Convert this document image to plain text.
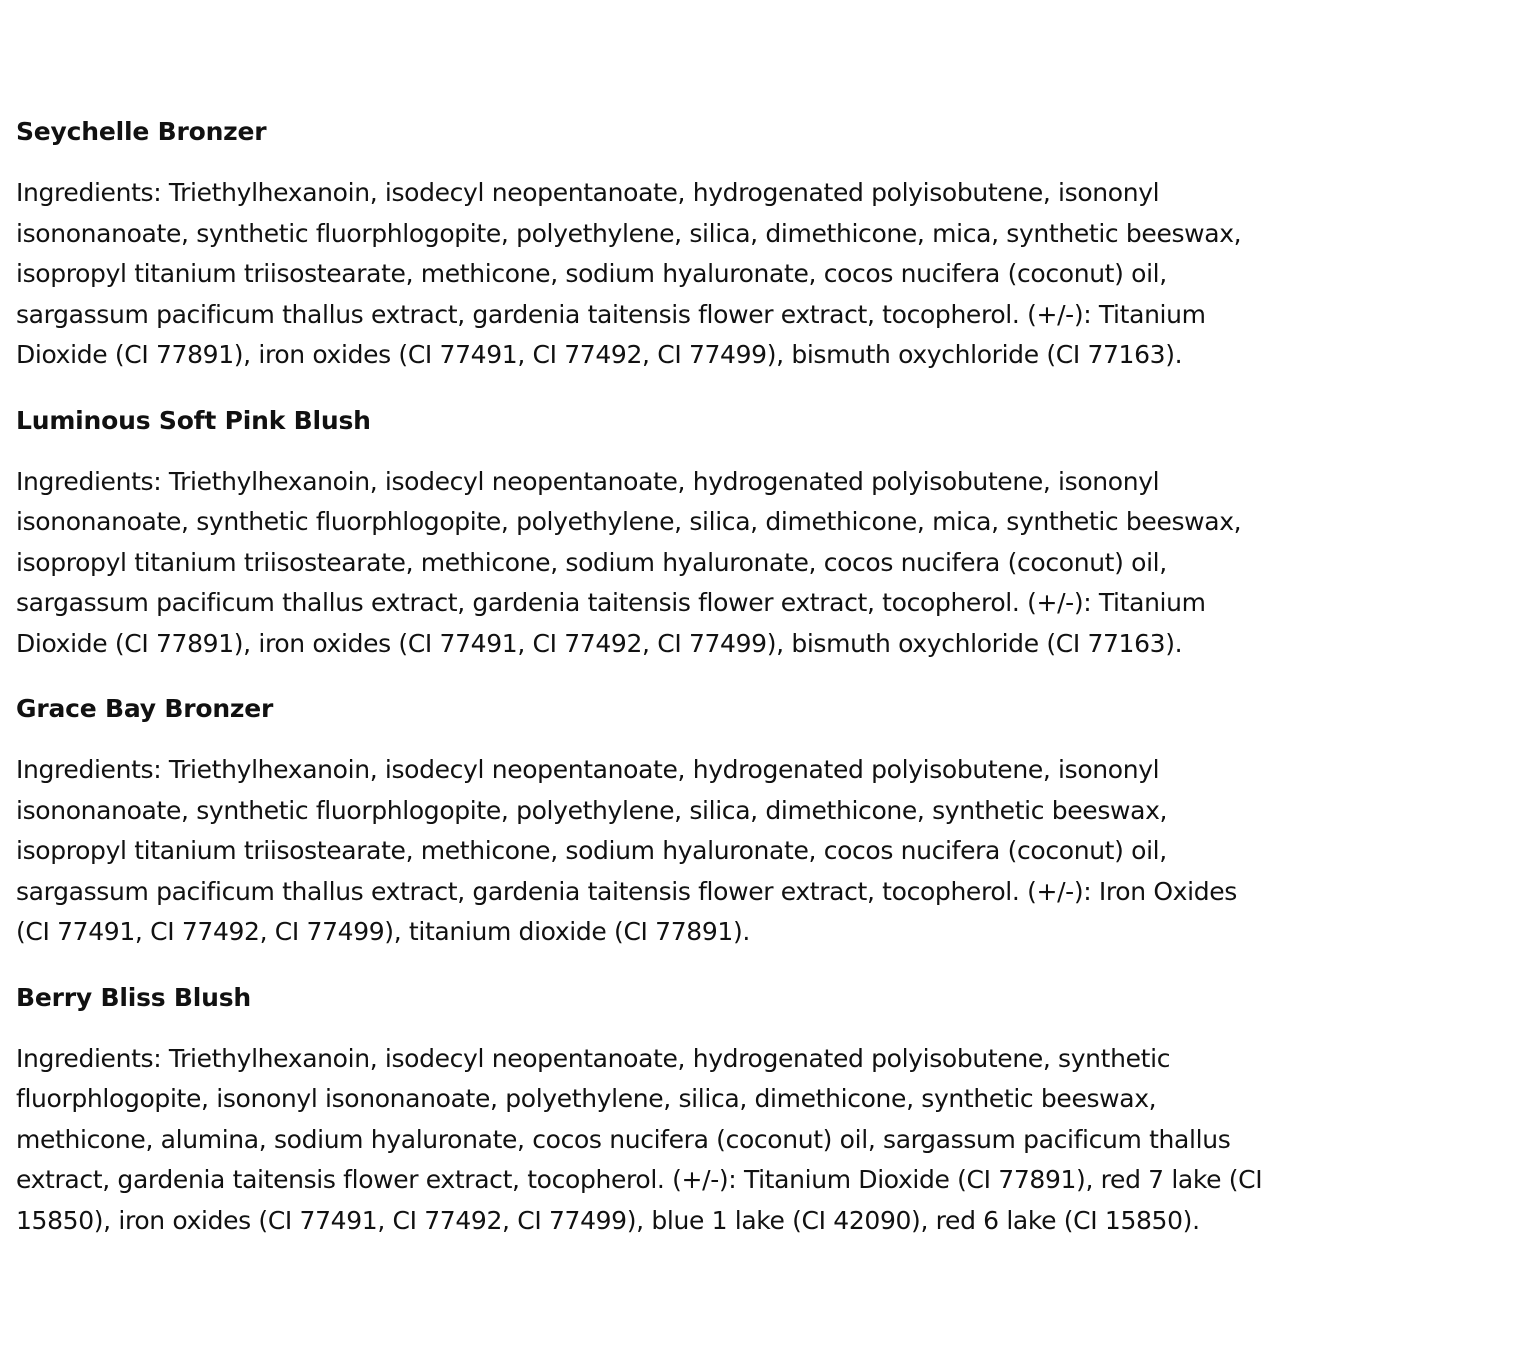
Seychelle Bronzer
Ingredients: Triethylhexanoin, isodecyl neopentanoate, hydrogenated polyisobutene, isononyl
isononanoate, synthetic fluorphlogopite, polyethylene, silica, dimethicone, mica, synthetic beeswax,
isopropyl titanium triisostearate, methicone, sodium hyaluronate, cocos nucifera (coconut) oil,
sargassum pacificum thallus extract, gardenia taitensis flower extract, tocopherol. (+/-): Titanium
Dioxide (CI 77891), iron oxides (CI 77491, CI 77492, CI 77499), bismuth oxychloride (CI 77163).
Luminous Soft Pink Blush
Ingredients: Triethylhexanoin, isodecyl neopentanoate, hydrogenated polyisobutene, isononyl
isononanoate, synthetic fluorphlogopite, polyethylene, silica, dimethicone, mica, synthetic beeswax,
isopropyl titanium triisostearate, methicone, sodium hyaluronate, cocos nucifera (coconut) oil,
sargassum pacificum thallus extract, gardenia taitensis flower extract, tocopherol. (+/-): Titanium
Dioxide (CI 77891), iron oxides (CI 77491, CI 77492, CI 77499), bismuth oxychloride (CI 77163).
Grace Bay Bronzer
Ingredients: Triethylhexanoin, isodecyl neopentanoate, hydrogenated polyisobutene, isononyl
isononanoate, synthetic fluorphlogopite, polyethylene, silica, dimethicone, synthetic beeswax,
isopropyl titanium triisostearate, methicone, sodium hyaluronate, cocos nucifera (coconut) oil,
sargassum pacificum thallus extract, gardenia taitensis flower extract, tocopherol. (+/-): Iron Oxides
(CI 77491, CI 77492, CI 77499), titanium dioxide (CI 77891).
Berry Bliss Blush
Ingredients: Triethylhexanoin, isodecyl neopentanoate, hydrogenated polyisobutene, synthetic
fluorphlogopite, isononyl isononanoate, polyethylene, silica, dimethicone, synthetic beeswax,
methicone, alumina, sodium hyaluronate, cocos nucifera (coconut) oil, sargassum pacificum thallus
extract, gardenia taitensis flower extract, tocopherol. (+/-): Titanium Dioxide (CI 77891), red 7 lake (CI
15850), iron oxides (CI 77491, CI 77492, CI 77499), blue 1 lake (CI 42090), red 6 lake (CI 15850).
